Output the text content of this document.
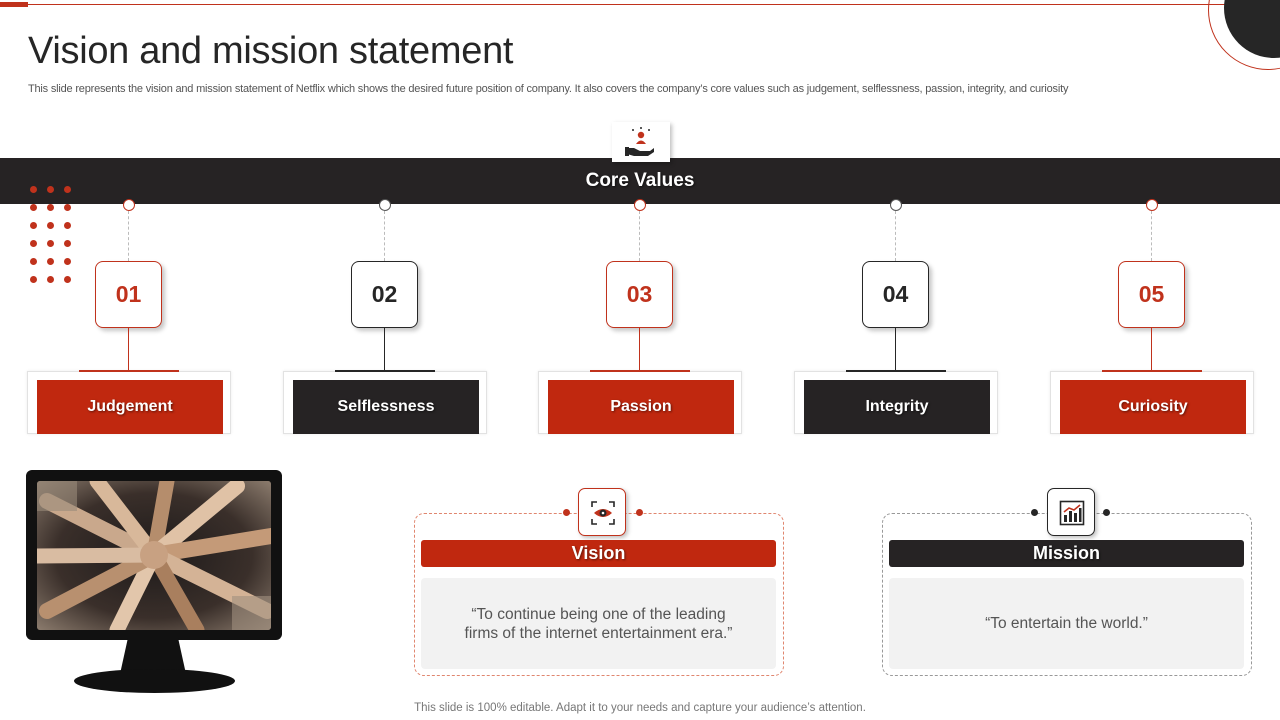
Vision and mission statement

This slide represents the vision and mission statement of Netflix which shows the desired future position of company. It also covers the company’s core values such as judgement, selflessness, passion, integrity, and curiosity

Core Values
01
Judgement
02
Selflessness
03
Passion
04
Integrity
05
Curiosity
Vision
“To continue being one of the leading firms of the internet entertainment era.”
Mission
“To entertain the world.”
This slide is 100% editable. Adapt it to your needs and capture your audience’s attention.
